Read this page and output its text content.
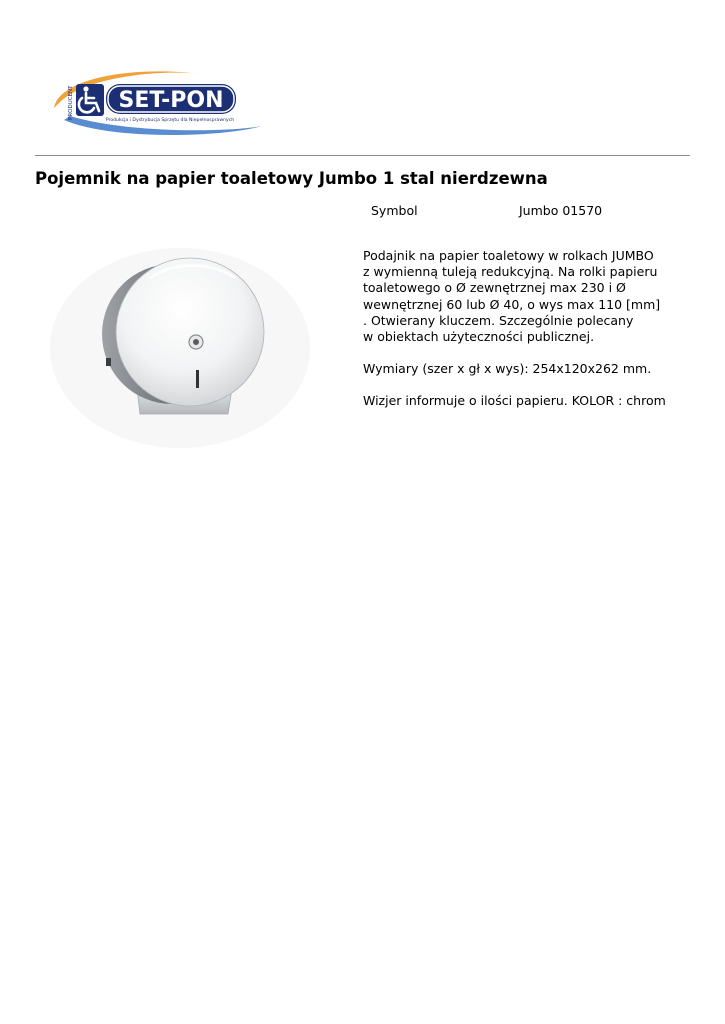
PRODUCENT SET-PON
Produkcja i Dystrybucja Sprzętu dla Niepełnosprawnych
Pojemnik na papier toaletowy Jumbo 1 stal nierdzewna
Symbol	Jumbo 01570

Podajnik na papier toaletowy w rolkach JUMBO
z wymienną tuleją redukcyjną. Na rolki papieru
toaletowego o Ø zewnętrznej max 230 i Ø
wewnętrznej 60 lub Ø 40, o wys max 110 [mm]
. Otwierany kluczem. Szczególnie polecany
w obiektach użyteczności publicznej.

Wymiary (szer x gł x wys): 254x120x262 mm.

Wizjer informuje o ilości papieru. KOLOR : chrom
